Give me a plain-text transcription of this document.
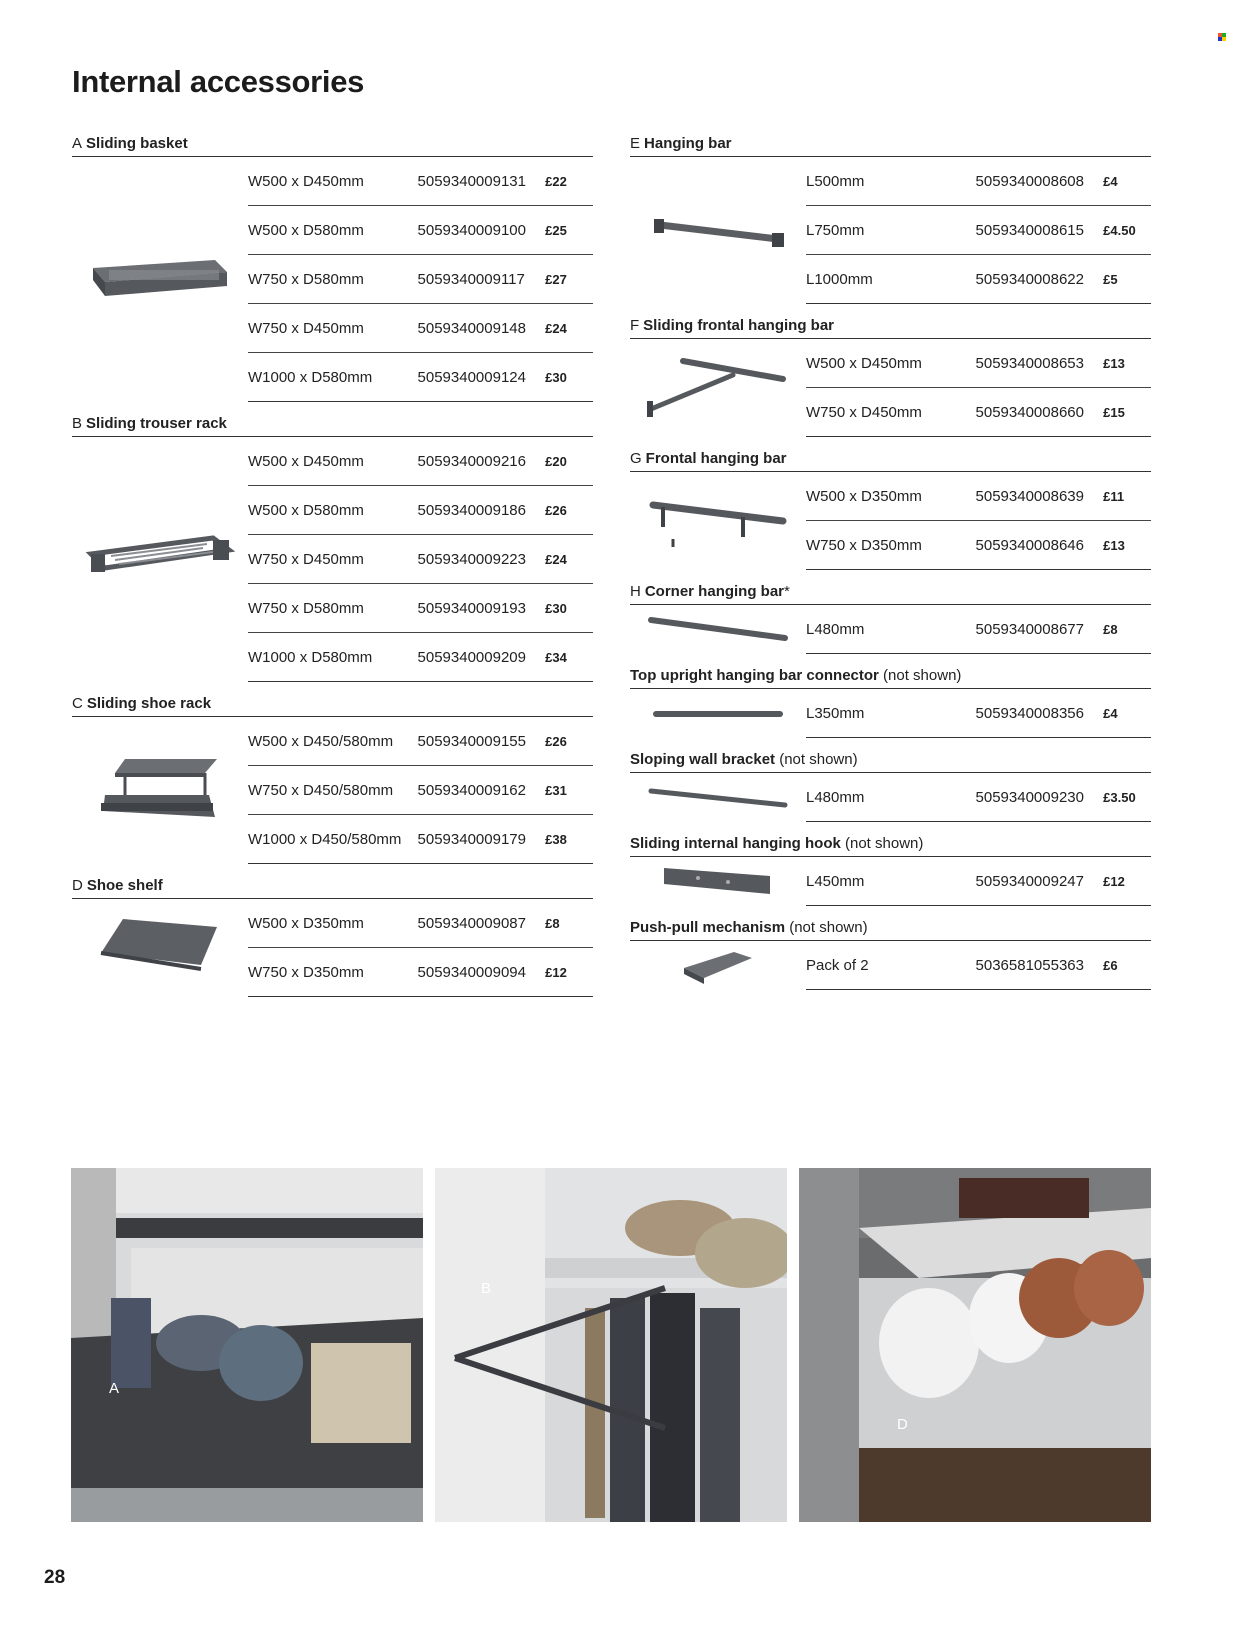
Internal accessories
A Sliding basket
W500 x D450mm	5059340009131	£22
W500 x D580mm	5059340009100	£25
W750 x D580mm	5059340009117	£27
W750 x D450mm	5059340009148	£24
W1000 x D580mm	5059340009124	£30
B Sliding trouser rack
W500 x D450mm	5059340009216	£20
W500 x D580mm	5059340009186	£26
W750 x D450mm	5059340009223	£24
W750 x D580mm	5059340009193	£30
W1000 x D580mm	5059340009209	£34
C Sliding shoe rack
W500 x D450/580mm	5059340009155	£26
W750 x D450/580mm	5059340009162	£31
W1000 x D450/580mm	5059340009179	£38
D Shoe shelf
W500 x D350mm	5059340009087	£8
W750 x D350mm	5059340009094	£12
E Hanging bar
L500mm	5059340008608	£4
L750mm	5059340008615	£4.50
L1000mm	5059340008622	£5
F Sliding frontal hanging bar
W500 x D450mm	5059340008653	£13
W750 x D450mm	5059340008660	£15
G Frontal hanging bar
W500 x D350mm	5059340008639	£11
W750 x D350mm	5059340008646	£13
H Corner hanging bar*
L480mm	5059340008677	£8
Top upright hanging bar connector (not shown)
L350mm	5059340008356	£4
Sloping wall bracket (not shown)
L480mm	5059340009230	£3.50
Sliding internal hanging hook (not shown)
L450mm	5059340009247	£12
Push-pull mechanism (not shown)
Pack of 2	5036581055363	£6
A
B
D
28
